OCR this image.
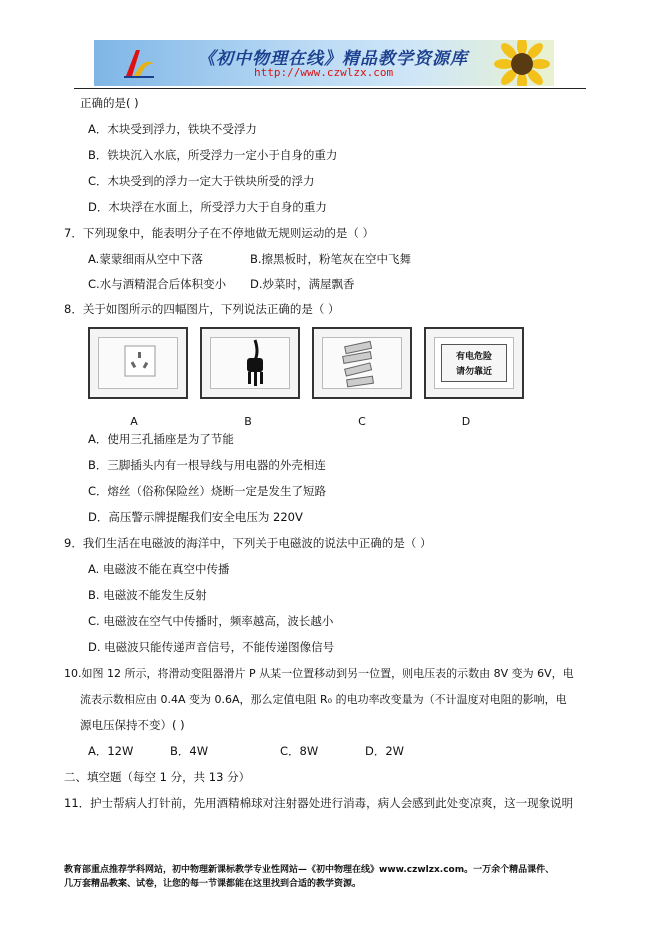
《初中物理在线》精品教学资源库
http://www.czwlzx.com
正确的是( )
A．木块受到浮力，铁块不受浮力
B．铁块沉入水底，所受浮力一定小于自身的重力
C．木块受到的浮力一定大于铁块所受的浮力
D．木块浮在水面上，所受浮力大于自身的重力
7．下列现象中，能表明分子在不停地做无规则运动的是（ ）
A.蒙蒙细雨从空中下落	B.擦黑板时，粉笔灰在空中飞舞
C.水与酒精混合后体积变小 D.炒菜时，满屋飘香
8．关于如图所示的四幅图片，下列说法正确的是（ ）
有电危险
请勿靠近
A	B	C	D
A．使用三孔插座是为了节能
B．三脚插头内有一根导线与用电器的外壳相连
C．熔丝（俗称保险丝）烧断一定是发生了短路
D．高压警示牌提醒我们安全电压为 220V
9．我们生活在电磁波的海洋中，下列关于电磁波的说法中正确的是（ ）
A. 电磁波不能在真空中传播
B. 电磁波不能发生反射
C. 电磁波在空气中传播时，频率越高，波长越小
D. 电磁波只能传递声音信号，不能传递图像信号
10.如图 12 所示，将滑动变阻器滑片 P 从某一位置移动到另一位置，则电压表的示数由 8V 变为 6V，电
流表示数相应由 0.4A 变为 0.6A，那么定值电阻 R₀ 的电功率改变量为（不计温度对电阻的影响，电
源电压保持不变）( )
A．12W	B．4W	C．8W	D．2W
二、填空题（每空 1 分，共 13 分）
11．护士帮病人打针前，先用酒精棉球对注射器处进行消毒，病人会感到此处变凉爽，这一现象说明
教育部重点推荐学科网站，初中物理新课标教学专业性网站—《初中物理在线》www.czwlzx.com。一万余个精品课件、
几万套精品教案、试卷，让您的每一节课都能在这里找到合适的教学资源。
